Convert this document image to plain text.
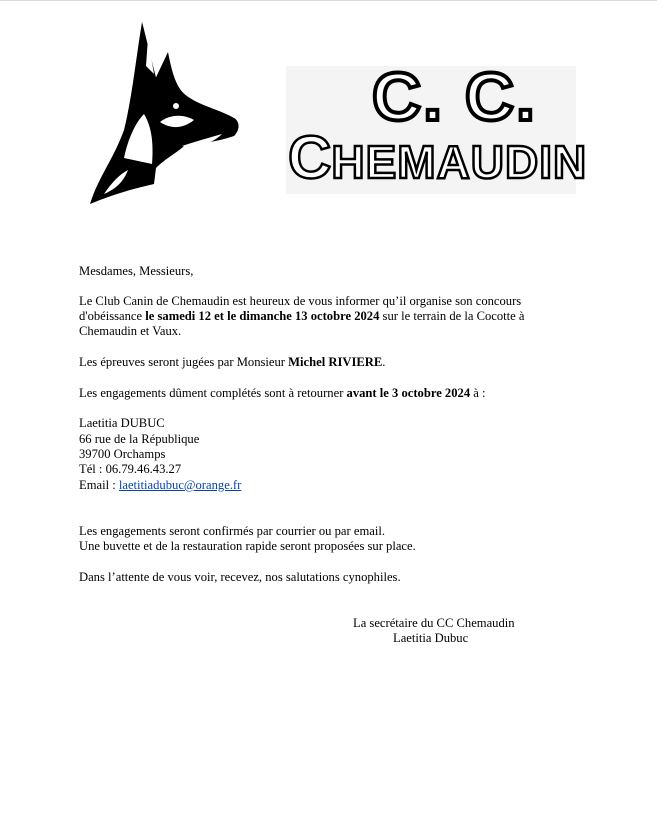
C. C.
CHEMAUDIN
Mesdames, Messieurs,
Le Club Canin de Chemaudin est heureux de vous informer qu’il organise son concours
d'obéissance le samedi 12 et le dimanche 13 octobre 2024 sur le terrain de la Cocotte à
Chemaudin et Vaux.
Les épreuves seront jugées par Monsieur Michel RIVIERE.
Les engagements dûment complétés sont à retourner avant le 3 octobre 2024 à :
Laetitia DUBUC
66 rue de la République
39700 Orchamps
Tél : 06.79.46.43.27
Email : laetitiadubuc@orange.fr
Les engagements seront confirmés par courrier ou par email.
Une buvette et de la restauration rapide seront proposées sur place.
Dans l’attente de vous voir, recevez, nos salutations cynophiles.
La secrétaire du CC Chemaudin
Laetitia Dubuc
